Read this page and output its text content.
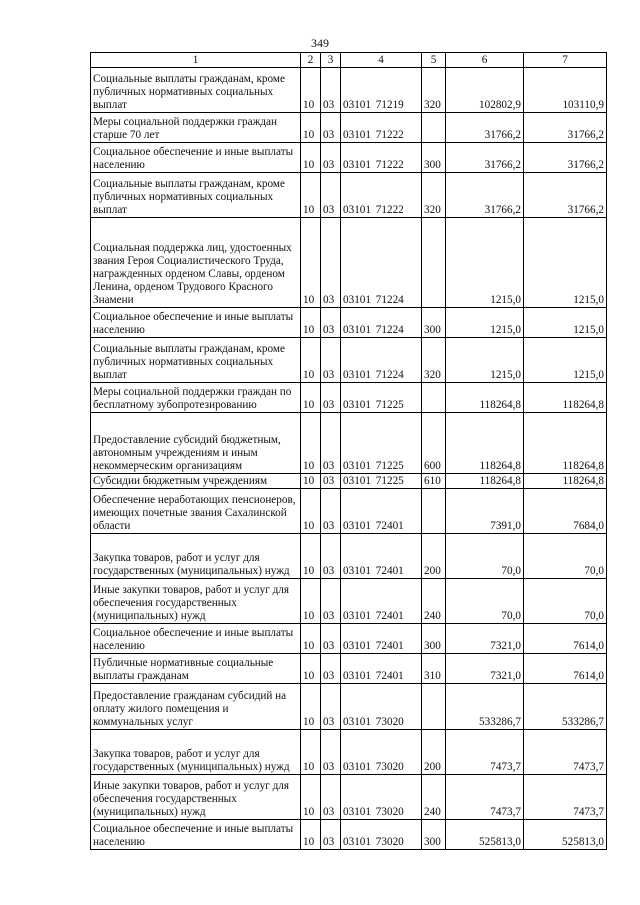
349
1	2	3	4	5	6	7
Социальные выплаты гражданам, кроме публичных нормативных социальных выплат	10	03	03101 71219	320	102802,9	103110,9
Меры социальной поддержки граждан старше 70 лет	10	03	03101 71222		31766,2	31766,2
Социальное обеспечение и иные выплаты населению	10	03	03101 71222	300	31766,2	31766,2
Социальные выплаты гражданам, кроме публичных нормативных социальных выплат	10	03	03101 71222	320	31766,2	31766,2
Социальная поддержка лиц, удостоенных звания Героя Социалистического Труда, награжденных орденом Славы, орденом Ленина, орденом Трудового Красного Знамени	10	03	03101 71224		1215,0	1215,0
Социальное обеспечение и иные выплаты населению	10	03	03101 71224	300	1215,0	1215,0
Социальные выплаты гражданам, кроме публичных нормативных социальных выплат	10	03	03101 71224	320	1215,0	1215,0
Меры социальной поддержки граждан по бесплатному зубопротезированию	10	03	03101 71225		118264,8	118264,8
Предоставление субсидий бюджетным, автономным учреждениям и иным некоммерческим организациям	10	03	03101 71225	600	118264,8	118264,8
Субсидии бюджетным учреждениям	10	03	03101 71225	610	118264,8	118264,8
Обеспечение неработающих пенсионеров, имеющих почетные звания Сахалинской области	10	03	03101 72401		7391,0	7684,0
Закупка товаров, работ и услуг для государственных (муниципальных) нужд	10	03	03101 72401	200	70,0	70,0
Иные закупки товаров, работ и услуг для обеспечения государственных (муниципальных) нужд	10	03	03101 72401	240	70,0	70,0
Социальное обеспечение и иные выплаты населению	10	03	03101 72401	300	7321,0	7614,0
Публичные нормативные социальные выплаты гражданам	10	03	03101 72401	310	7321,0	7614,0
Предоставление гражданам субсидий на оплату жилого помещения и коммунальных услуг	10	03	03101 73020		533286,7	533286,7
Закупка товаров, работ и услуг для государственных (муниципальных) нужд	10	03	03101 73020	200	7473,7	7473,7
Иные закупки товаров, работ и услуг для обеспечения государственных (муниципальных) нужд	10	03	03101 73020	240	7473,7	7473,7
Социальное обеспечение и иные выплаты населению	10	03	03101 73020	300	525813,0	525813,0
